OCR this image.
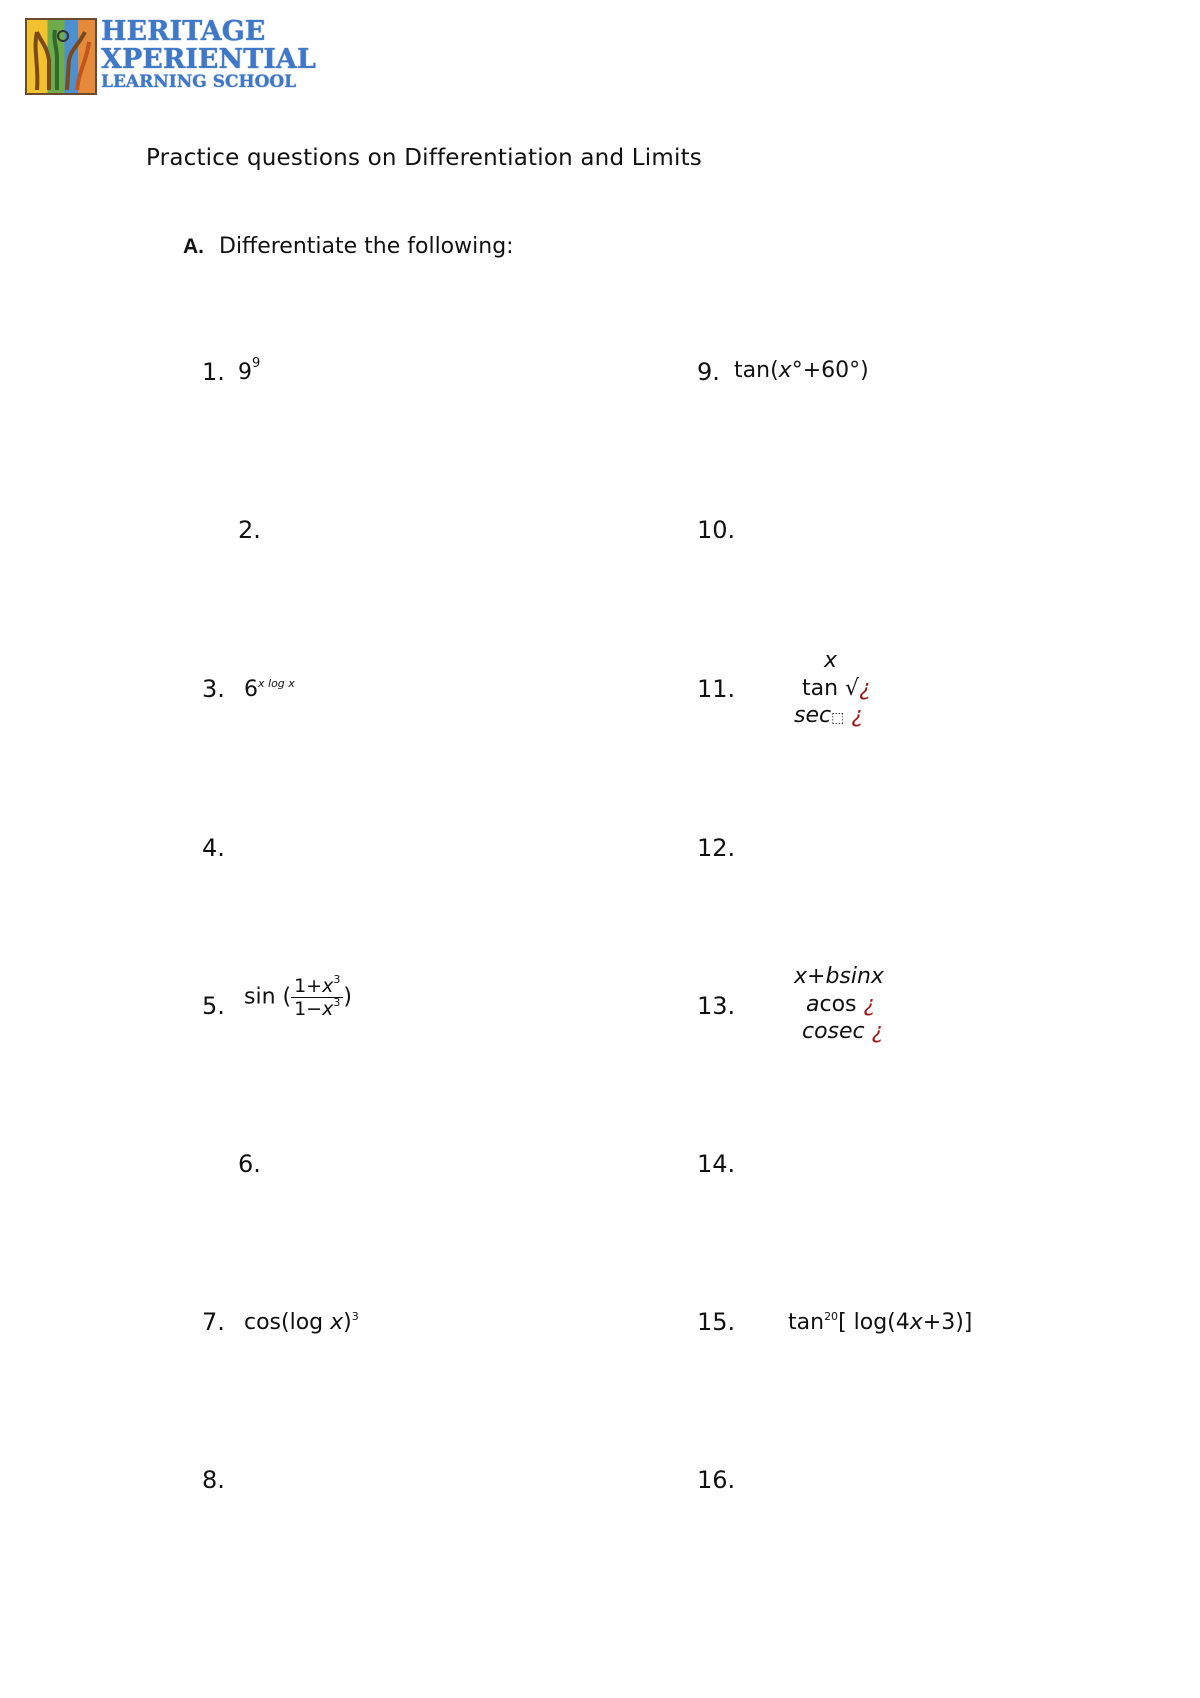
HERITAGE
XPERIENTIAL
LEARNING SCHOOL
Practice questions on Differentiation and Limits
A. Differentiate the following:
1. $9^9$
2.
3. $6^{x log x}$
4.
5. sin ( $\frac{1+x^3}{1-x^3}$ )
6.
7. cos(log x)$^3$
8.
9. tan(x°+60°)
10.
11.
x
tan √¿
sec⬚ ¿
12.
13.
x+bsinx
acos ¿
cosec ¿
14.
15. $\tan^{20}$[ log(4x+3)]
16.
